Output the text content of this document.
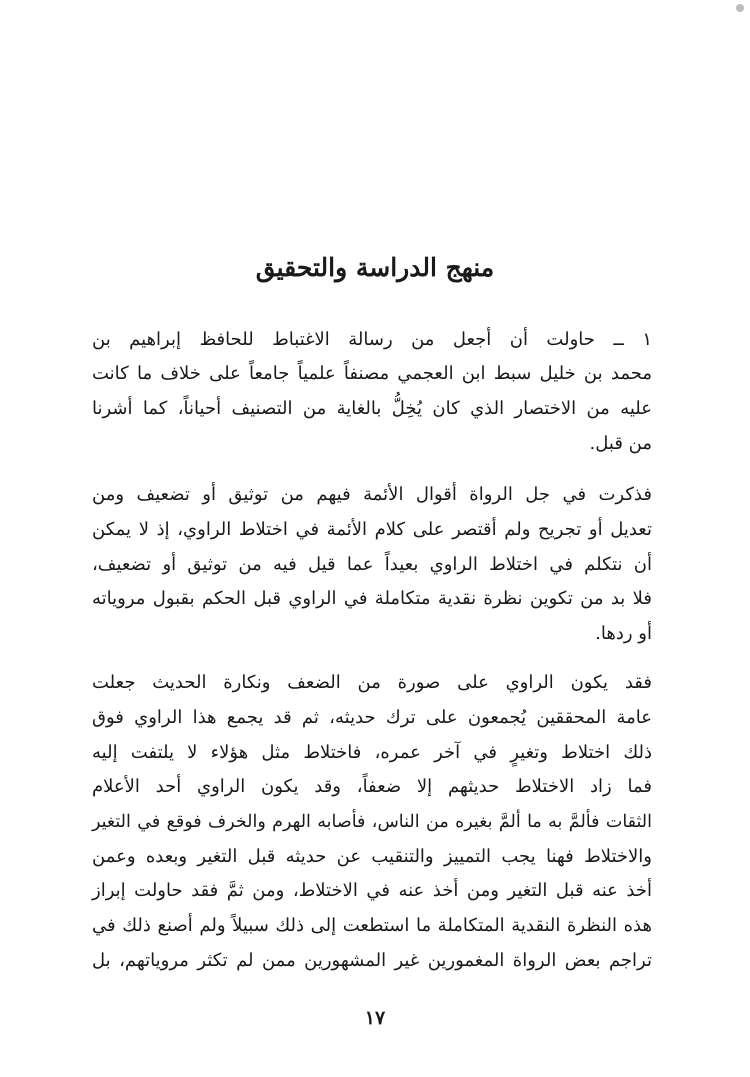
منهج الدراسة والتحقيق
١ ــ حاولت أن أجعل من رسالة الاغتباط للحافظ إبراهيم بن
محمد بن خليل سبط ابن العجمي مصنفاً علمياً جامعاً على خلاف ما كانت
عليه من الاختصار الذي كان يُخِلُّ بالغاية من التصنيف أحياناً، كما أشرنا
من قبل.
فذكرت في جل الرواة أقوال الأئمة فيهم من توثيق أو تضعيف ومن
تعديل أو تجريح ولم أقتصر على كلام الأئمة في اختلاط الراوي، إذ لا يمكن
أن نتكلم في اختلاط الراوي بعيداً عما قيل فيه من توثيق أو تضعيف،
فلا بد من تكوين نظرة نقدية متكاملة في الراوي قبل الحكم بقبول مروياته
أو ردها.
فقد يكون الراوي على صورة من الضعف ونكارة الحديث جعلت
عامة المحققين يُجمعون على ترك حديثه، ثم قد يجمع هذا الراوي فوق
ذلك اختلاط وتغيرٍ في آخر عمره، فاختلاط مثل هؤلاء لا يلتفت إليه
فما زاد الاختلاط حديثهم إلا ضعفاً، وقد يكون الراوي أحد الأعلام
الثقات فألمَّ به ما ألمَّ بغيره من الناس، فأصابه الهرم والخرف فوقع في التغير
والاختلاط فهنا يجب التمييز والتنقيب عن حديثه قبل التغير وبعده وعمن
أخذ عنه قبل التغير ومن أخذ عنه في الاختلاط، ومن ثمَّ فقد حاولت إبراز
هذه النظرة النقدية المتكاملة ما استطعت إلى ذلك سبيلاً ولم أصنع ذلك في
تراجم بعض الرواة المغمورين غير المشهورين ممن لم تكثر مروياتهم، بل
١٧
